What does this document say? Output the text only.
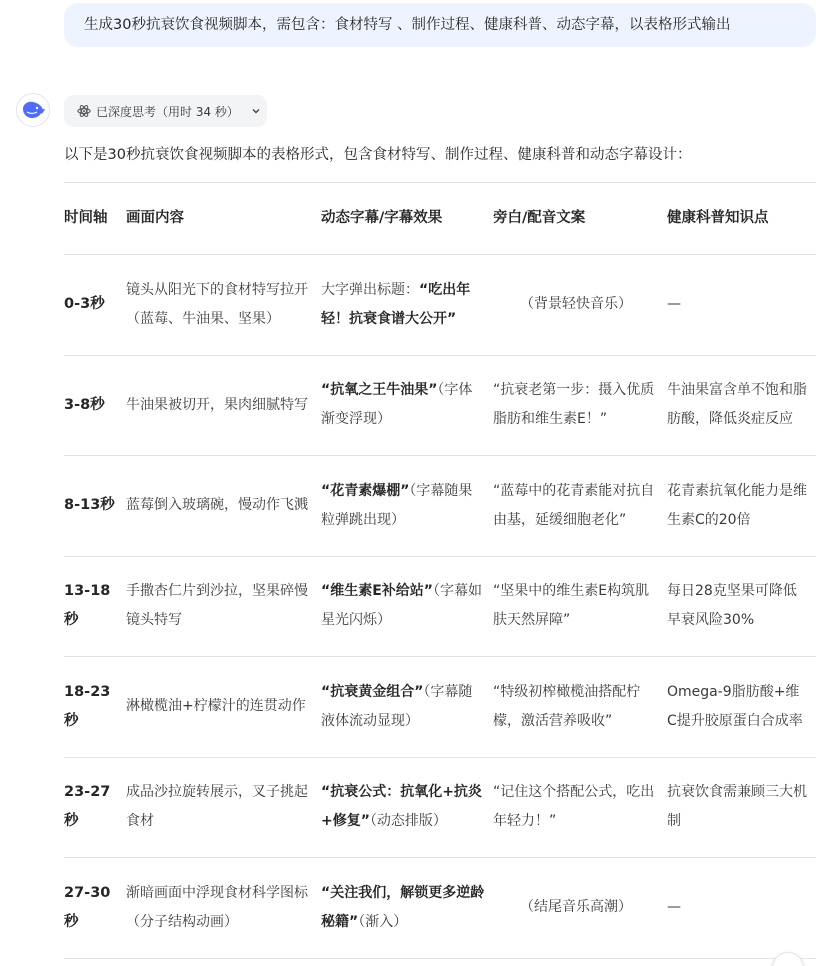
生成30秒抗衰饮食视频脚本，需包含：食材特写 、制作过程、健康科普、动态字幕，以表格形式输出
已深度思考（用时 34 秒）
以下是30秒抗衰饮食视频脚本的表格形式，包含食材特写、制作过程、健康科普和动态字幕设计：
时间轴	画面内容	动态字幕/字幕效果	旁白/配音文案	健康科普知识点
0-3秒	镜头从阳光下的食材特写拉开（蓝莓、牛油果、坚果）	大字弹出标题：“吃出年轻！抗衰食谱大公开”	（背景轻快音乐）	—
3-8秒	牛油果被切开，果肉细腻特写	“抗氧之王牛油果”（字体渐变浮现）	“抗衰老第一步：摄入优质脂肪和维生素E！”	牛油果富含单不饱和脂肪酸，降低炎症反应
8-13秒	蓝莓倒入玻璃碗，慢动作飞溅	“花青素爆棚”（字幕随果粒弹跳出现）	“蓝莓中的花青素能对抗自由基，延缓细胞老化”	花青素抗氧化能力是维生素C的20倍
13-18秒	手撒杏仁片到沙拉，坚果碎慢镜头特写	“维生素E补给站”（字幕如星光闪烁）	“坚果中的维生素E构筑肌肤天然屏障”	每日28克坚果可降低早衰风险30%
18-23秒	淋橄榄油+柠檬汁的连贯动作	“抗衰黄金组合”（字幕随液体流动显现）	“特级初榨橄榄油搭配柠檬，激活营养吸收”	Omega-9脂肪酸+维C提升胶原蛋白合成率
23-27秒	成品沙拉旋转展示，叉子挑起食材	“抗衰公式：抗氧化+抗炎+修复”（动态排版）	“记住这个搭配公式，吃出年轻力！”	抗衰饮食需兼顾三大机制
27-30秒	渐暗画面中浮现食材科学图标（分子结构动画）	“关注我们，解锁更多逆龄秘籍”（渐入）	（结尾音乐高潮）	—
